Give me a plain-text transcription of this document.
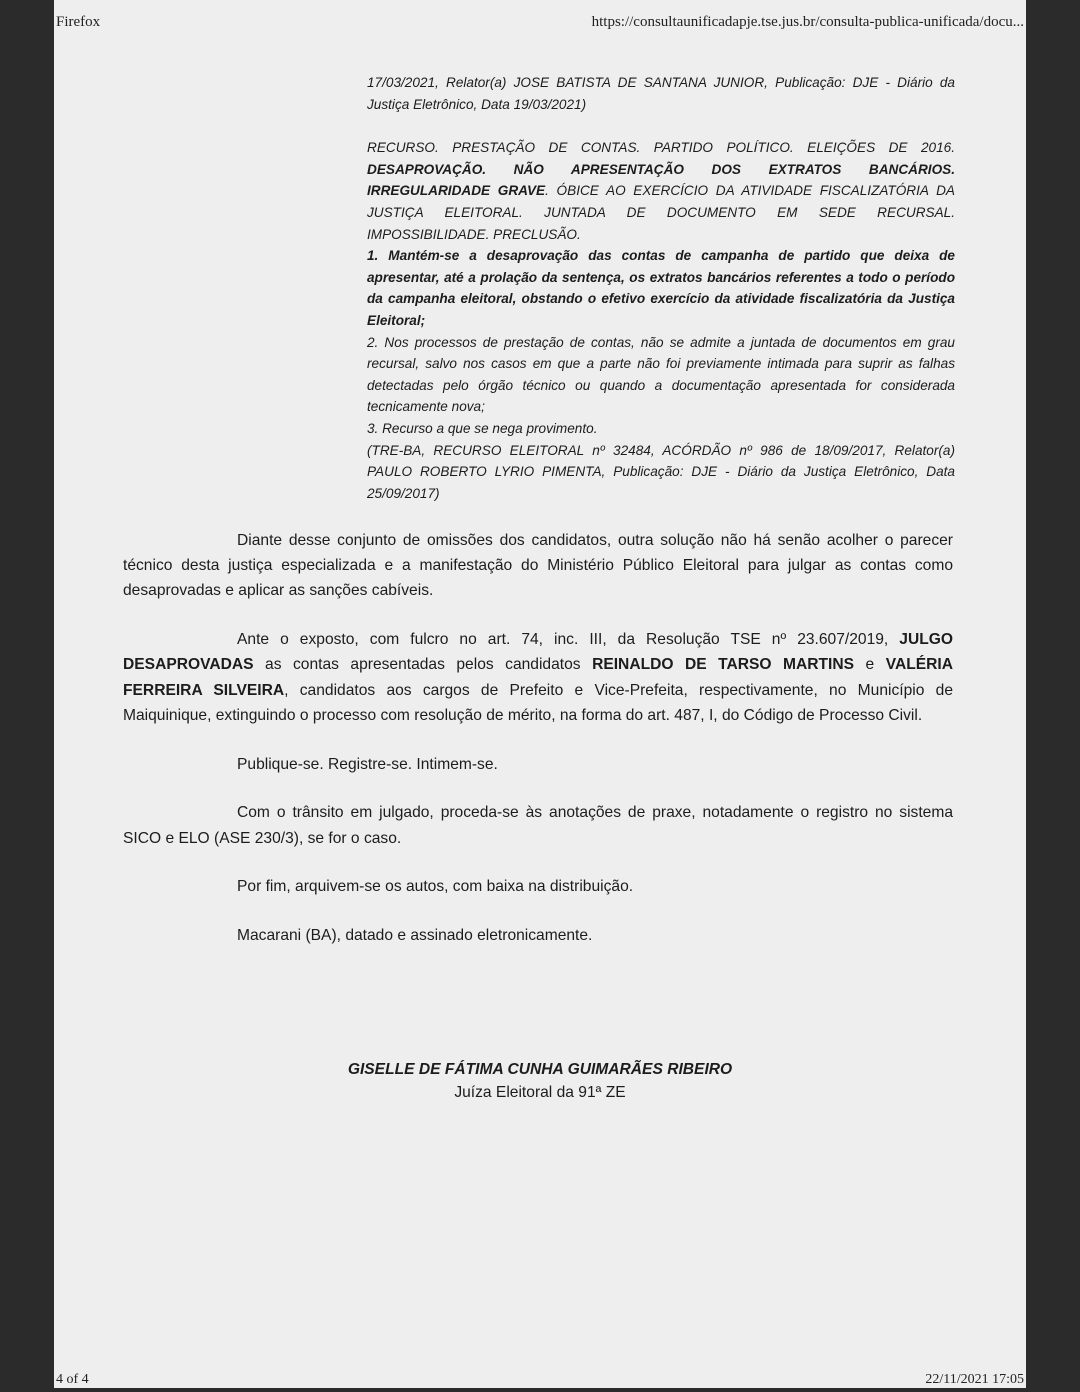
Firefox	https://consultaunificadapje.tse.jus.br/consulta-publica-unificada/docu...

17/03/2021, Relator(a) JOSE BATISTA DE SANTANA JUNIOR, Publicação: DJE - Diário da Justiça Eletrônico, Data 19/03/2021)

RECURSO. PRESTAÇÃO DE CONTAS. PARTIDO POLÍTICO. ELEIÇÕES DE 2016. DESAPROVAÇÃO. NÃO APRESENTAÇÃO DOS EXTRATOS BANCÁRIOS. IRREGULARIDADE GRAVE. ÓBICE AO EXERCÍCIO DA ATIVIDADE FISCALIZATÓRIA DA JUSTIÇA ELEITORAL. JUNTADA DE DOCUMENTO EM SEDE RECURSAL. IMPOSSIBILIDADE. PRECLUSÃO.

1. Mantém-se a desaprovação das contas de campanha de partido que deixa de apresentar, até a prolação da sentença, os extratos bancários referentes a todo o período da campanha eleitoral, obstando o efetivo exercício da atividade fiscalizatória da Justiça Eleitoral;

2. Nos processos de prestação de contas, não se admite a juntada de documentos em grau recursal, salvo nos casos em que a parte não foi previamente intimada para suprir as falhas detectadas pelo órgão técnico ou quando a documentação apresentada for considerada tecnicamente nova;

3. Recurso a que se nega provimento.

(TRE-BA, RECURSO ELEITORAL nº 32484, ACÓRDÃO nº 986 de 18/09/2017, Relator(a) PAULO ROBERTO LYRIO PIMENTA, Publicação: DJE - Diário da Justiça Eletrônico, Data 25/09/2017)

Diante desse conjunto de omissões dos candidatos, outra solução não há senão acolher o parecer técnico desta justiça especializada e a manifestação do Ministério Público Eleitoral para julgar as contas como desaprovadas e aplicar as sanções cabíveis.

Ante o exposto, com fulcro no art. 74, inc. III, da Resolução TSE nº 23.607/2019, JULGO DESAPROVADAS as contas apresentadas pelos candidatos REINALDO DE TARSO MARTINS e VALÉRIA FERREIRA SILVEIRA, candidatos aos cargos de Prefeito e Vice-Prefeita, respectivamente, no Município de Maiquinique, extinguindo o processo com resolução de mérito, na forma do art. 487, I, do Código de Processo Civil.

Publique-se. Registre-se. Intimem-se.

Com o trânsito em julgado, proceda-se às anotações de praxe, notadamente o registro no sistema SICO e ELO (ASE 230/3), se for o caso.

Por fim, arquivem-se os autos, com baixa na distribuição.

Macarani (BA), datado e assinado eletronicamente.

GISELLE DE FÁTIMA CUNHA GUIMARÃES RIBEIRO
Juíza Eleitoral da 91ª ZE
4 of 4	22/11/2021 17:05
